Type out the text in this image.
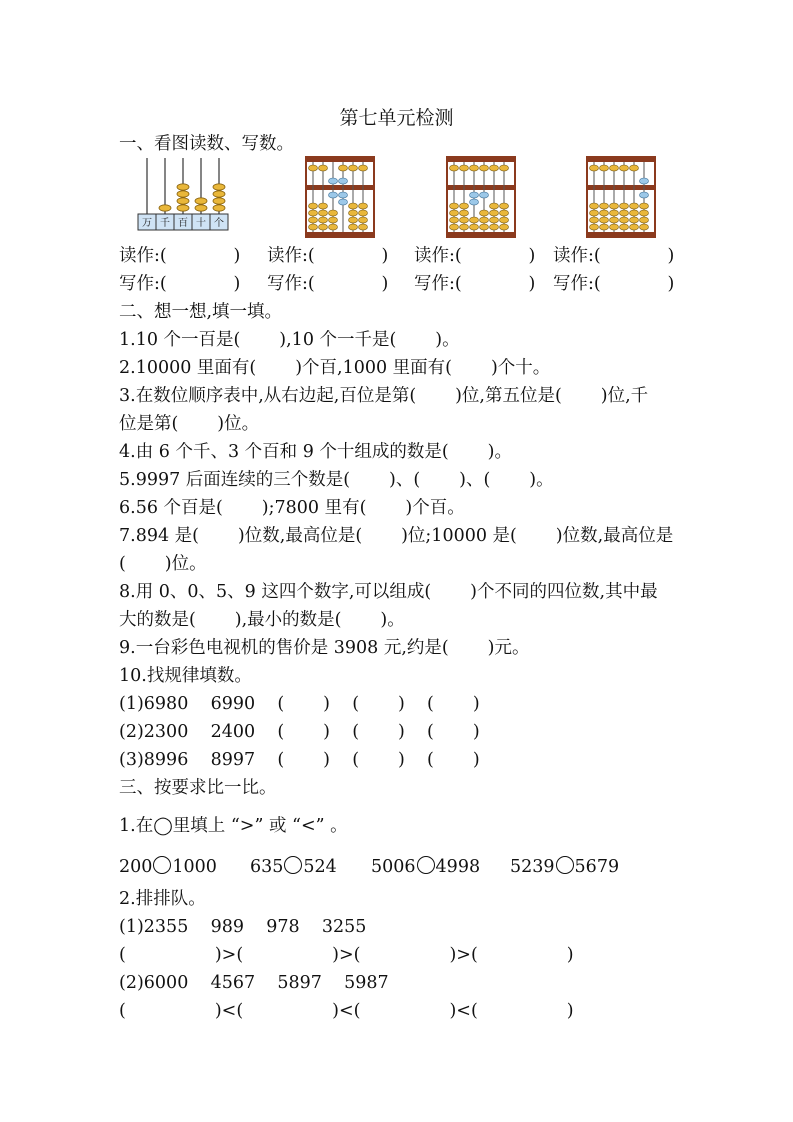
第七单元检测
一、看图读数、写数。
万 千 百 十 个
读作:(            ) 读作:(            ) 读作:(            ) 读作:(            )
写作:(            ) 写作:(            ) 写作:(            ) 写作:(            )
二、想一想,填一填。
1.10 个一百是(       ),10 个一千是(       )。
2.10000 里面有(       )个百,1000 里面有(       )个十。
3.在数位顺序表中,从右边起,百位是第(       )位,第五位是(       )位,千
位是第(       )位。
4.由 6 个千、3 个百和 9 个十组成的数是(       )。
5.9997 后面连续的三个数是(       )、(       )、(       )。
6.56 个百是(       );7800 里有(       )个百。
7.894 是(       )位数,最高位是(       )位;10000 是(       )位数,最高位是
(       )位。
8.用 0、0、5、9 这四个数字,可以组成(       )个不同的四位数,其中最
大的数是(       ),最小的数是(       )。
9.一台彩色电视机的售价是 3908 元,约是(       )元。
10.找规律填数。
(1)6980    6990    (       )    (       )    (       )
(2)2300    2400    (       )    (       )    (       )
(3)8996    8997    (       )    (       )    (       )
三、按要求比一比。
1.在◯里填上 “>” 或 “<” 。
200 1000 635 524 5006 4998 5239 5679
2.排排队。
(1)2355    989    978    3255
(                )>(                )>(                )>(                )
(2)6000    4567    5897    5987
(                )<(                )<(                )<(                )
